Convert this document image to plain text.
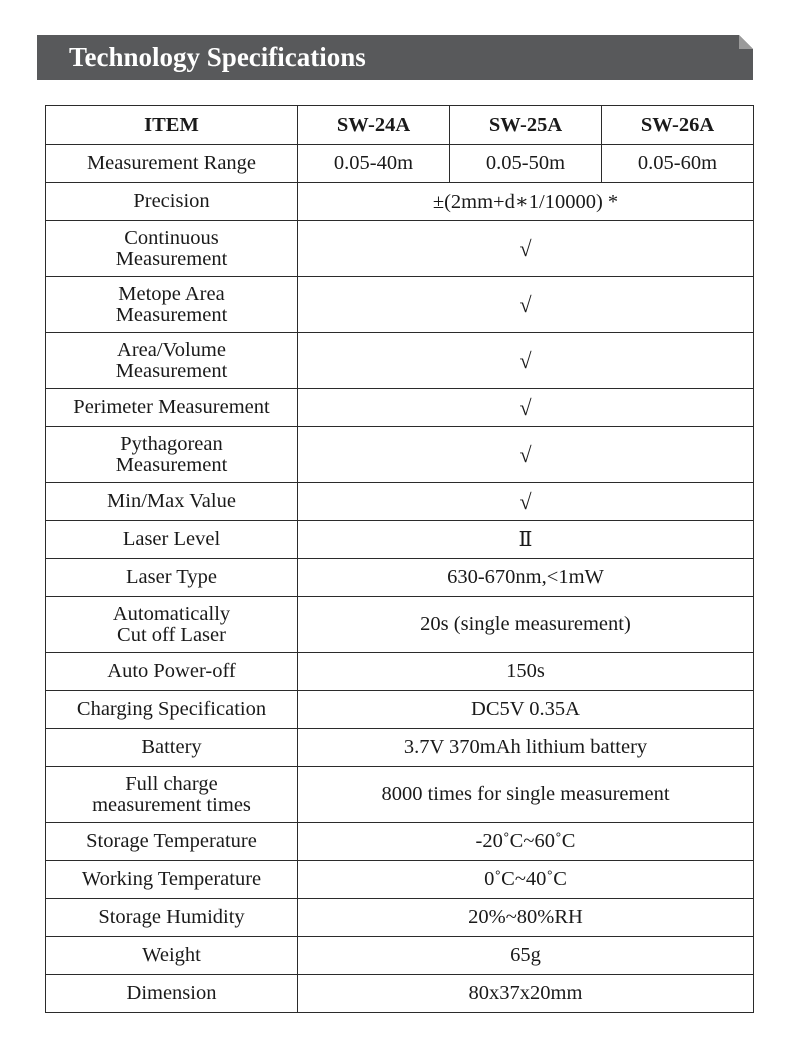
Technology Specifications
ITEM	SW-24A	SW-25A	SW-26A
Measurement Range	0.05-40m	0.05-50m	0.05-60m

Precision	±(2mm+d∗1/10000) *		

Continuous
Measurement	√		

Metope Area
Measurement	√		

Area/Volume
Measurement	√		

Perimeter Measurement	√		

Pythagorean
Measurement	√		

Min/Max Value	√		

Laser Level	Ⅱ		

Laser Type	630-670nm,<1mW		

Automatically
Cut off Laser	20s (single measurement)		

Auto Power-off	150s		

Charging Specification	DC5V 0.35A		

Battery	3.7V 370mAh lithium battery		

Full charge
measurement times	8000 times for single measurement		

Storage Temperature	-20˚C~60˚C		

Working Temperature	0˚C~40˚C		

Storage Humidity	20%~80%RH		

Weight	65g		

Dimension	80x37x20mm		
